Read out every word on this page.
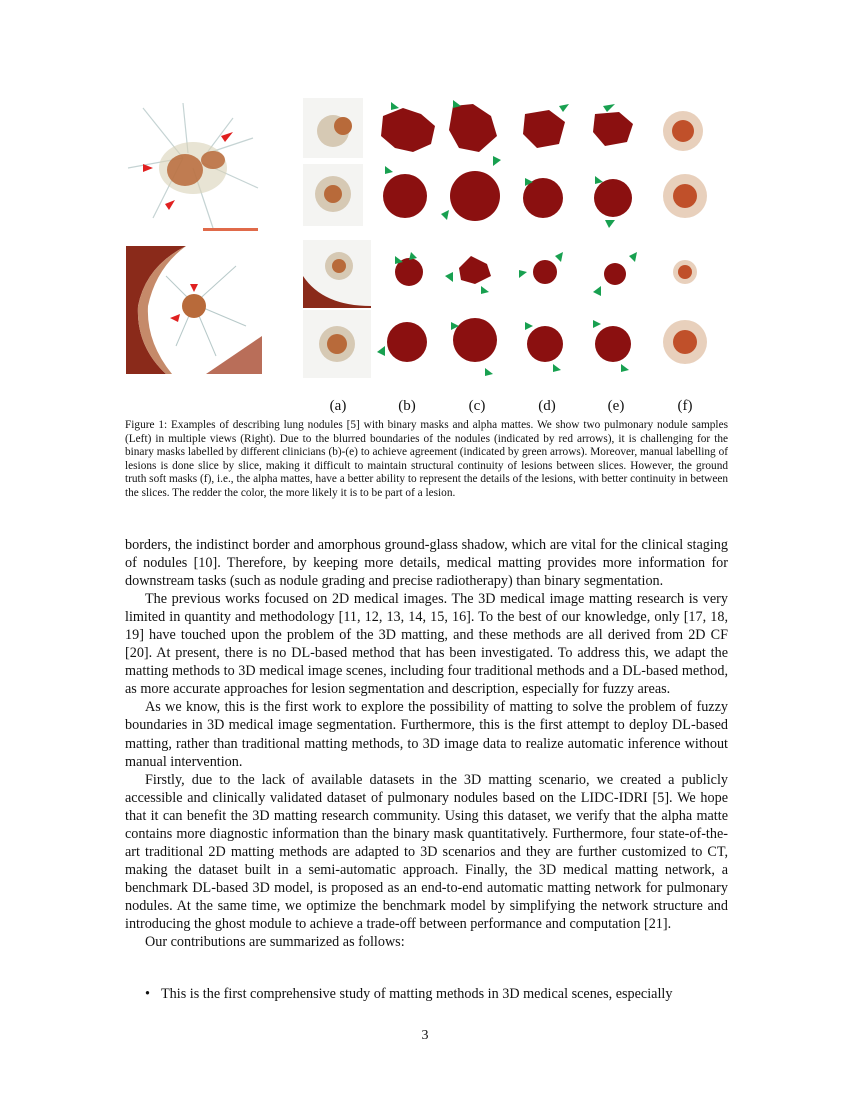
(a)	(b)	(c)	(d)	(e)	(f)

Figure 1: Examples of describing lung nodules [5] with binary masks and alpha mattes. We show two pulmonary nodule samples (Left) in multiple views (Right). Due to the blurred boundaries of the nodules (indicated by red arrows), it is challenging for the binary masks labelled by different clinicians (b)-(e) to achieve agreement (indicated by green arrows). Moreover, manual labelling of lesions is done slice by slice, making it difficult to maintain structural continuity of lesions between slices. However, the ground truth soft masks (f), i.e., the alpha mattes, have a better ability to represent the details of the lesions, with better continuity in between the slices. The redder the color, the more likely it is to be part of a lesion.

borders, the indistinct border and amorphous ground-glass shadow, which are vital for the clinical staging of nodules [10]. Therefore, by keeping more details, medical matting provides more information for downstream tasks (such as nodule grading and precise radiotherapy) than binary segmentation.

The previous works focused on 2D medical images. The 3D medical image matting research is very limited in quantity and methodology [11, 12, 13, 14, 15, 16]. To the best of our knowledge, only [17, 18, 19] have touched upon the problem of the 3D matting, and these methods are all derived from 2D CF [20]. At present, there is no DL-based method that has been investigated. To address this, we adapt the matting methods to 3D medical image scenes, including four traditional methods and a DL-based method, as more accurate approaches for lesion segmentation and description, especially for fuzzy areas.

As we know, this is the first work to explore the possibility of matting to solve the problem of fuzzy boundaries in 3D medical image segmentation. Furthermore, this is the first attempt to deploy DL-based matting, rather than traditional matting methods, to 3D image data to realize automatic inference without manual intervention.

Firstly, due to the lack of available datasets in the 3D matting scenario, we created a publicly accessible and clinically validated dataset of pulmonary nodules based on the LIDC-IDRI [5]. We hope that it can benefit the 3D matting research community. Using this dataset, we verify that the alpha matte contains more diagnostic information than the binary mask quantitatively. Furthermore, four state-of-the-art traditional 2D matting methods are adapted to 3D scenarios and they are further customized to CT, making the dataset built in a semi-automatic approach. Finally, the 3D medical matting network, a benchmark DL-based 3D model, is proposed as an end-to-end automatic matting network for pulmonary nodules. At the same time, we optimize the benchmark model by simplifying the network structure and introducing the ghost module to achieve a trade-off between performance and computation [21].

Our contributions are summarized as follows:

• This is the first comprehensive study of matting methods in 3D medical scenes, especially
3
